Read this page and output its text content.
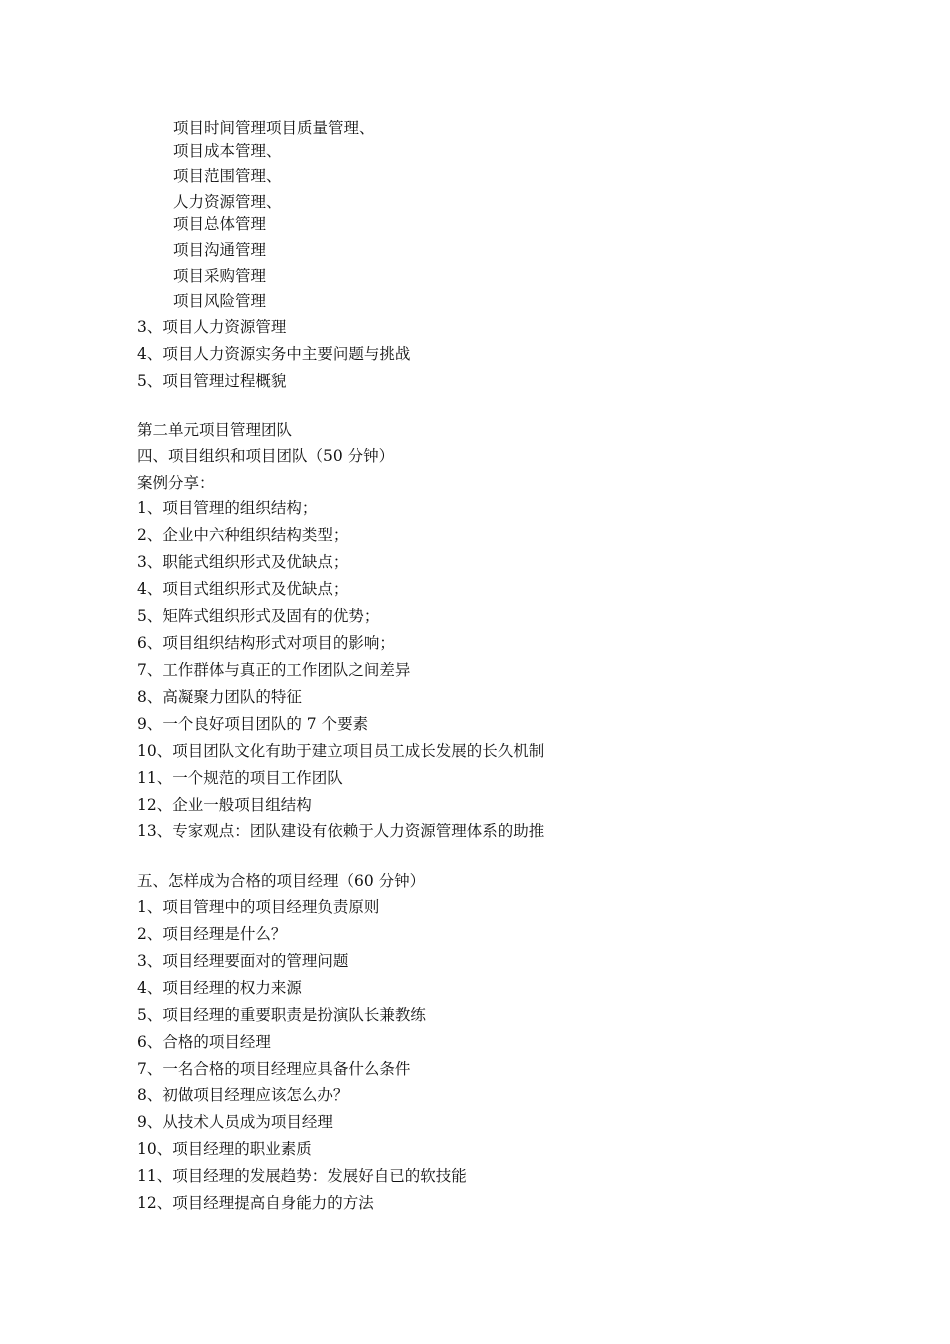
项目时间管理项目质量管理、
项目成本管理、
项目范围管理、
人力资源管理、
项目总体管理
项目沟通管理
项目采购管理
项目风险管理
3、项目人力资源管理
4、项目人力资源实务中主要问题与挑战
5、项目管理过程概貌
第二单元项目管理团队
四、项目组织和项目团队（50 分钟）
案例分享：
1、项目管理的组织结构；
2、企业中六种组织结构类型；
3、职能式组织形式及优缺点；
4、项目式组织形式及优缺点；
5、矩阵式组织形式及固有的优势；
6、项目组织结构形式对项目的影响；
7、工作群体与真正的工作团队之间差异
8、高凝聚力团队的特征
9、一个良好项目团队的 7 个要素
10、项目团队文化有助于建立项目员工成长发展的长久机制
11、一个规范的项目工作团队
12、企业一般项目组结构
13、专家观点：团队建设有依赖于人力资源管理体系的助推
五、怎样成为合格的项目经理（60 分钟）
1、项目管理中的项目经理负责原则
2、项目经理是什么？
3、项目经理要面对的管理问题
4、项目经理的权力来源
5、项目经理的重要职责是扮演队长兼教练
6、合格的项目经理
7、一名合格的项目经理应具备什么条件
8、初做项目经理应该怎么办？
9、从技术人员成为项目经理
10、项目经理的职业素质
11、项目经理的发展趋势：发展好自已的软技能
12、项目经理提高自身能力的方法
